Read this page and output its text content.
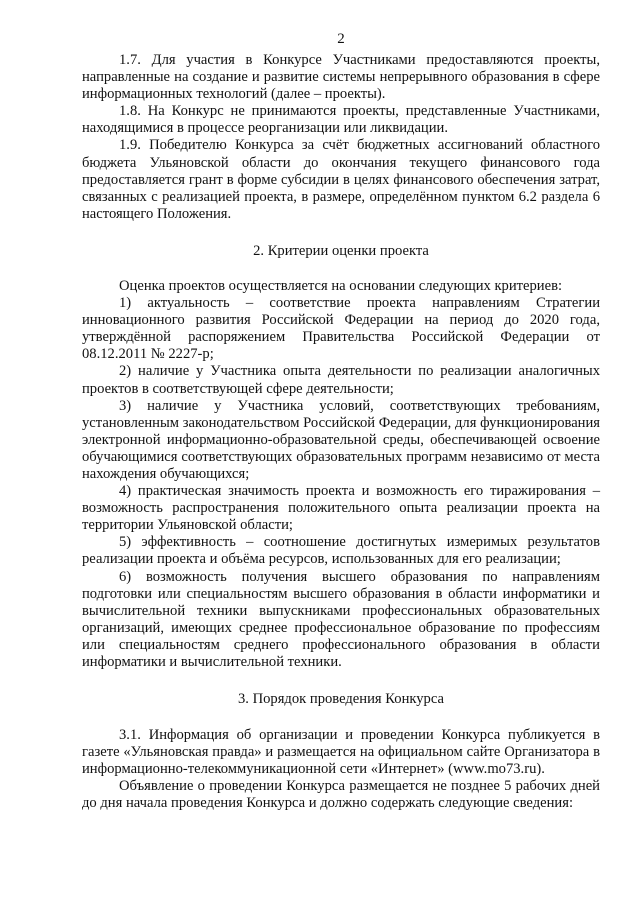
2

1.7. Для участия в Конкурсе Участниками предоставляются проекты, направленные на создание и развитие системы непрерывного образования в сфере информационных технологий (далее – проекты).

1.8. На Конкурс не принимаются проекты, представленные Участниками, находящимися в процессе реорганизации или ликвидации.

1.9. Победителю Конкурса за счёт бюджетных ассигнований областного бюджета Ульяновской области до окончания текущего финансового года предоставляется грант в форме субсидии в целях финансового обеспечения затрат, связанных с реализацией проекта, в размере, определённом пунктом 6.2 раздела 6 настоящего Положения.

2. Критерии оценки проекта

Оценка проектов осуществляется на основании следующих критериев:

1) актуальность – соответствие проекта направлениям Стратегии инновационного развития Российской Федерации на период до 2020 года, утверждённой распоряжением Правительства Российской Федерации от 08.12.2011 № 2227-р;

2) наличие у Участника опыта деятельности по реализации аналогичных проектов в соответствующей сфере деятельности;

3) наличие у Участника условий, соответствующих требованиям, установленным законодательством Российской Федерации, для функционирования электронной информационно-образовательной среды, обеспечивающей освоение обучающимися соответствующих образовательных программ независимо от места нахождения обучающихся;

4) практическая значимость проекта и возможность его тиражирования – возможность распространения положительного опыта реализации проекта на территории Ульяновской области;

5) эффективность – соотношение достигнутых измеримых результатов реализации проекта и объёма ресурсов, использованных для его реализации;

6) возможность получения высшего образования по направлениям подготовки или специальностям высшего образования в области информатики и вычислительной техники выпускниками профессиональных образовательных организаций, имеющих среднее профессиональное образование по профессиям или специальностям среднего профессионального образования в области информатики и вычислительной техники.

3. Порядок проведения Конкурса

3.1. Информация об организации и проведении Конкурса публикуется в газете «Ульяновская правда» и размещается на официальном сайте Организатора в информационно-телекоммуникационной сети «Интернет» (www.mo73.ru).

Объявление о проведении Конкурса размещается не позднее 5 рабочих дней до дня начала проведения Конкурса и должно содержать следующие сведения:
